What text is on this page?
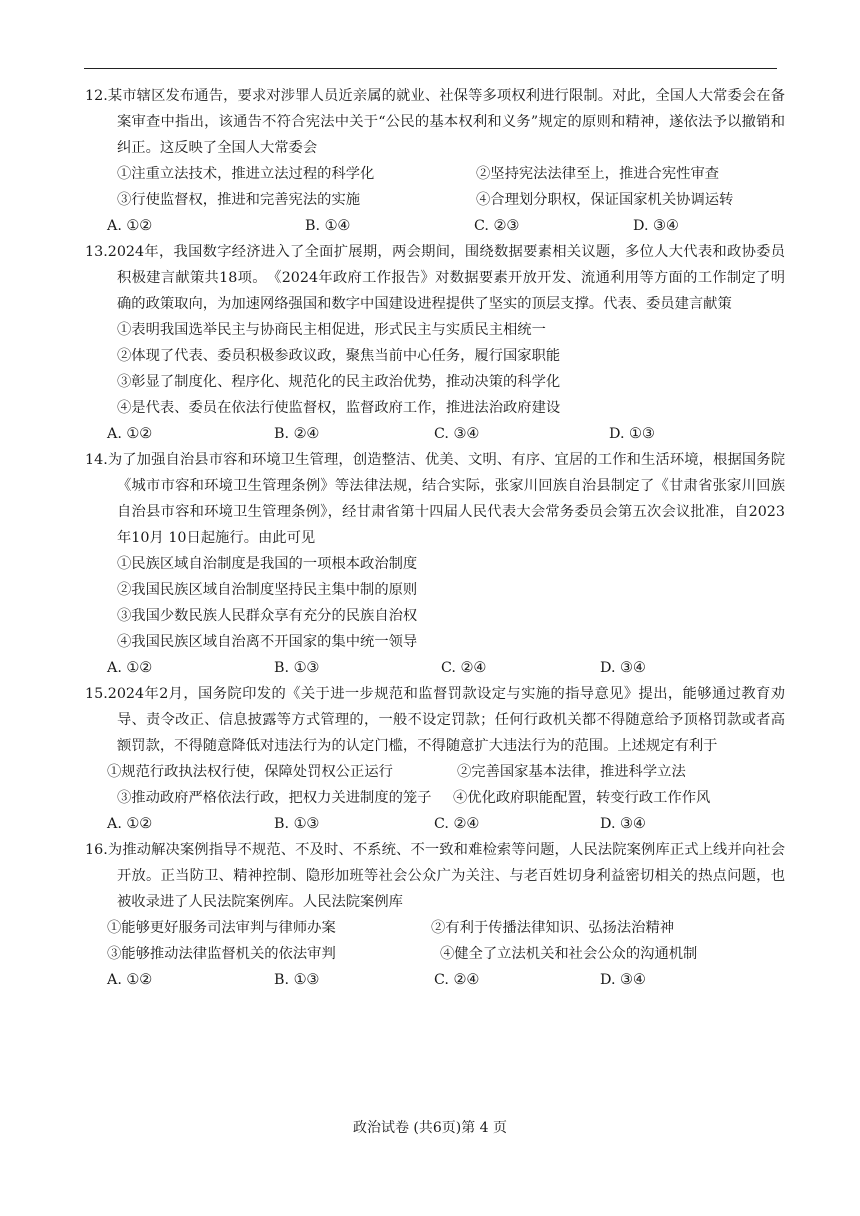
12.某市辖区发布通告，要求对涉罪人员近亲属的就业、社保等多项权利进行限制。对此，全国人大常委会在备案审查中指出，该通告不符合宪法中关于“公民的基本权利和义务”规定的原则和精神，遂依法予以撤销和纠正。这反映了全国人大常委会

①注重立法技术，推进立法过程的科学化	②坚持宪法法律至上，推进合宪性审查
③行使监督权，推进和完善宪法的实施	④合理划分职权，保证国家机关协调运转
A. ①②	B. ①④	C. ②③	D. ③④

13.2024年，我国数字经济进入了全面扩展期，两会期间，围绕数据要素相关议题，多位人大代表和政协委员积极建言献策共18项。　《2024年政府工作报告》对数据要素开放开发、流通利用等方面的工作制定了明确的政策取向，为加速网络强国和数字中国建设进程提供了坚实的顶层支撑。代表、委员建言献策

①表明我国选举民主与协商民主相促进，形式民主与实质民主相统一
②体现了代表、委员积极参政议政，聚焦当前中心任务，履行国家职能
③彰显了制度化、程序化、规范化的民主政治优势，推动决策的科学化
④是代表、委员在依法行使监督权，监督政府工作，推进法治政府建设
A. ①②	B. ②④	C. ③④	D. ①③

14.为了加强自治县市容和环境卫生管理，创造整洁、优美、文明、有序、宜居的工作和生活环境，根据国务院《城市市容和环境卫生管理条例》等法律法规，结合实际，张家川回族自治县制定了《甘肃省张家川回族自治县市容和环境卫生管理条例》，经甘肃省第十四届人民代表大会常务委员会第五次会议批准，自2023年10月 10日起施行。由此可见

①民族区域自治制度是我国的一项根本政治制度
②我国民族区域自治制度坚持民主集中制的原则
③我国少数民族人民群众享有充分的民族自治权
④我国民族区域自治离不开国家的集中统一领导
A. ①②	B. ①③	C. ②④	D. ③④

15.2024年2月，国务院印发的《关于进一步规范和监督罚款设定与实施的指导意见》提出，能够通过教育劝导、责令改正、信息披露等方式管理的，一般不设定罚款；任何行政机关都不得随意给予顶格罚款或者高额罚款，不得随意降低对违法行为的认定门槛，不得随意扩大违法行为的范围。上述规定有利于

①规范行政执法权行使，保障处罚权公正运行	②完善国家基本法律，推进科学立法
③推动政府严格依法行政，把权力关进制度的笼子 ④优化政府职能配置，转变行政工作作风
A. ①②	B. ①③	C. ②④	D. ③④

16.为推动解决案例指导不规范、不及时、不系统、不一致和难检索等问题，人民法院案例库正式上线并向社会开放。正当防卫、精神控制、隐形加班等社会公众广为关注、与老百姓切身利益密切相关的热点问题，也被收录进了人民法院案例库。人民法院案例库

①能够更好服务司法审判与律师办案	②有利于传播法律知识、弘扬法治精神
③能够推动法律监督机关的依法审判	④健全了立法机关和社会公众的沟通机制
A. ①②	B. ①③	C. ②④	D. ③④
政治试卷 (共6页)第 4 页
